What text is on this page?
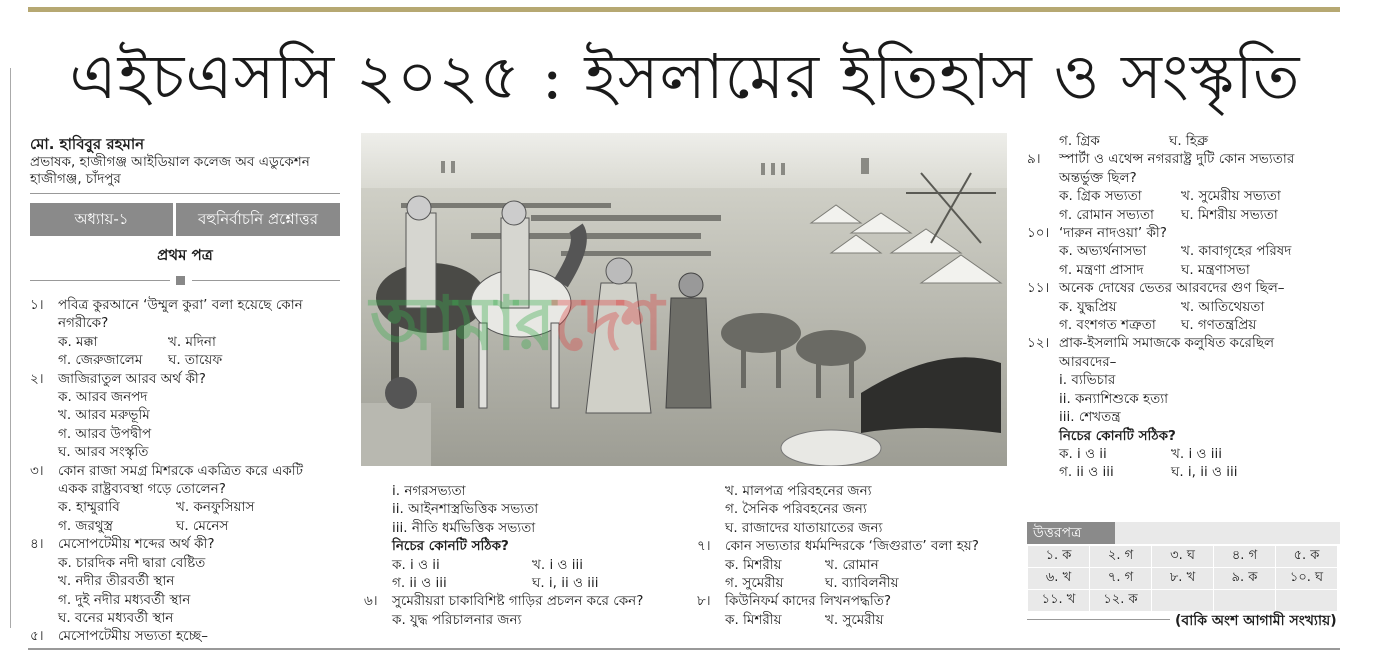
এইচএসসি ২০২৫ : ইসলামের ইতিহাস ও সংস্কৃতি
মো. হাবিবুর রহমান
প্রভাষক, হাজীগঞ্জ আইডিয়াল কলেজ অব এডুকেশন
হাজীগঞ্জ, চাঁদপুর
অধ্যায়-১	বহুনির্বাচনি প্রশ্নোত্তর
প্রথম পত্র
১।	পবিত্র কুরআনে ‘উম্মুল কুরা’ বলা হয়েছে কোন
নগরীকে?
ক. মক্কা	খ. মদিনা
গ. জেরুজালেম	ঘ. তায়েফ
২।	জাজিরাতুল আরব অর্থ কী?
ক. আরব জনপদ
খ. আরব মরুভূমি
গ. আরব উপদ্বীপ
ঘ. আরব সংস্কৃতি
৩।	কোন রাজা সমগ্র মিশরকে একত্রিত করে একটি
একক রাষ্ট্রব্যবস্থা গড়ে তোলেন?
ক. হাম্মুরাবি	খ. কনফুসিয়াস
গ. জরথুস্ত্র	ঘ. মেনেস
৪।	মেসোপটেমীয় শব্দের অর্থ কী?
ক. চারদিক নদী দ্বারা বেষ্টিত
খ. নদীর তীরবর্তী স্থান
গ. দুই নদীর মধ্যবর্তী স্থান
ঘ. বনের মধ্যবর্তী স্থান
৫।	মেসোপটেমীয় সভ্যতা হচ্ছে–
আমারদেশ
i. নগরসভ্যতা
ii. আইনশাস্ত্রভিত্তিক সভ্যতা
iii. নীতি ধর্মভিত্তিক সভ্যতা
নিচের কোনটি সঠিক?
ক. i ও ii	খ. i ও iii
গ. ii ও iii	ঘ. i, ii ও iii
৬।	সুমেরীয়রা চাকাবিশিষ্ট গাড়ির প্রচলন করে কেন?
ক. যুদ্ধ পরিচালনার জন্য
খ. মালপত্র পরিবহনের জন্য
গ. সৈনিক পরিবহনের জন্য
ঘ. রাজাদের যাতায়াতের জন্য
৭।	কোন সভ্যতার ধর্মমন্দিরকে ‘জিগুরাত’ বলা হয়?
ক. মিশরীয়	খ. রোমান
গ. সুমেরীয়	ঘ. ব্যাবিলনীয়
৮।	কিউনিফর্ম কাদের লিখনপদ্ধতি?
ক. মিশরীয়	খ. সুমেরীয়
গ. গ্রিক	ঘ. হিব্রু
৯।	স্পার্টা ও এথেন্স নগররাষ্ট্র দুটি কোন সভ্যতার
অন্তর্ভুক্ত ছিল?
ক. গ্রিক সভ্যতা	খ. সুমেরীয় সভ্যতা
গ. রোমান সভ্যতা	ঘ. মিশরীয় সভ্যতা
১০। ‘দারুন নাদওয়া’ কী?
ক. অভ্যর্থনাসভা	খ. কাবাগৃহের পরিষদ
গ. মন্ত্রণা প্রাসাদ	ঘ. মন্ত্রণাসভা
১১। অনেক দোষের ভেতর আরবদের গুণ ছিল–
ক. যুদ্ধপ্রিয়	খ. আতিথেয়তা
গ. বংশগত শত্রুতা	ঘ. গণতন্ত্রপ্রিয়
১২। প্রাক-ইসলামি সমাজকে কলুষিত করেছিল
আরবদের–
i. ব্যভিচার
ii. কন্যাশিশুকে হত্যা
iii. শেখতন্ত্র
নিচের কোনটি সঠিক?
ক. i ও ii	খ. i ও iii
গ. ii ও iii	ঘ. i, ii ও iii

১. ক	২. গ	৩. ঘ	৪. গ	৫. ক
৬. খ	৭. গ	৮. খ	৯. ক	১০. ঘ
১১. খ	১২. ক			
উত্তরপত্র
(বাকি অংশ আগামী সংখ্যায়)
